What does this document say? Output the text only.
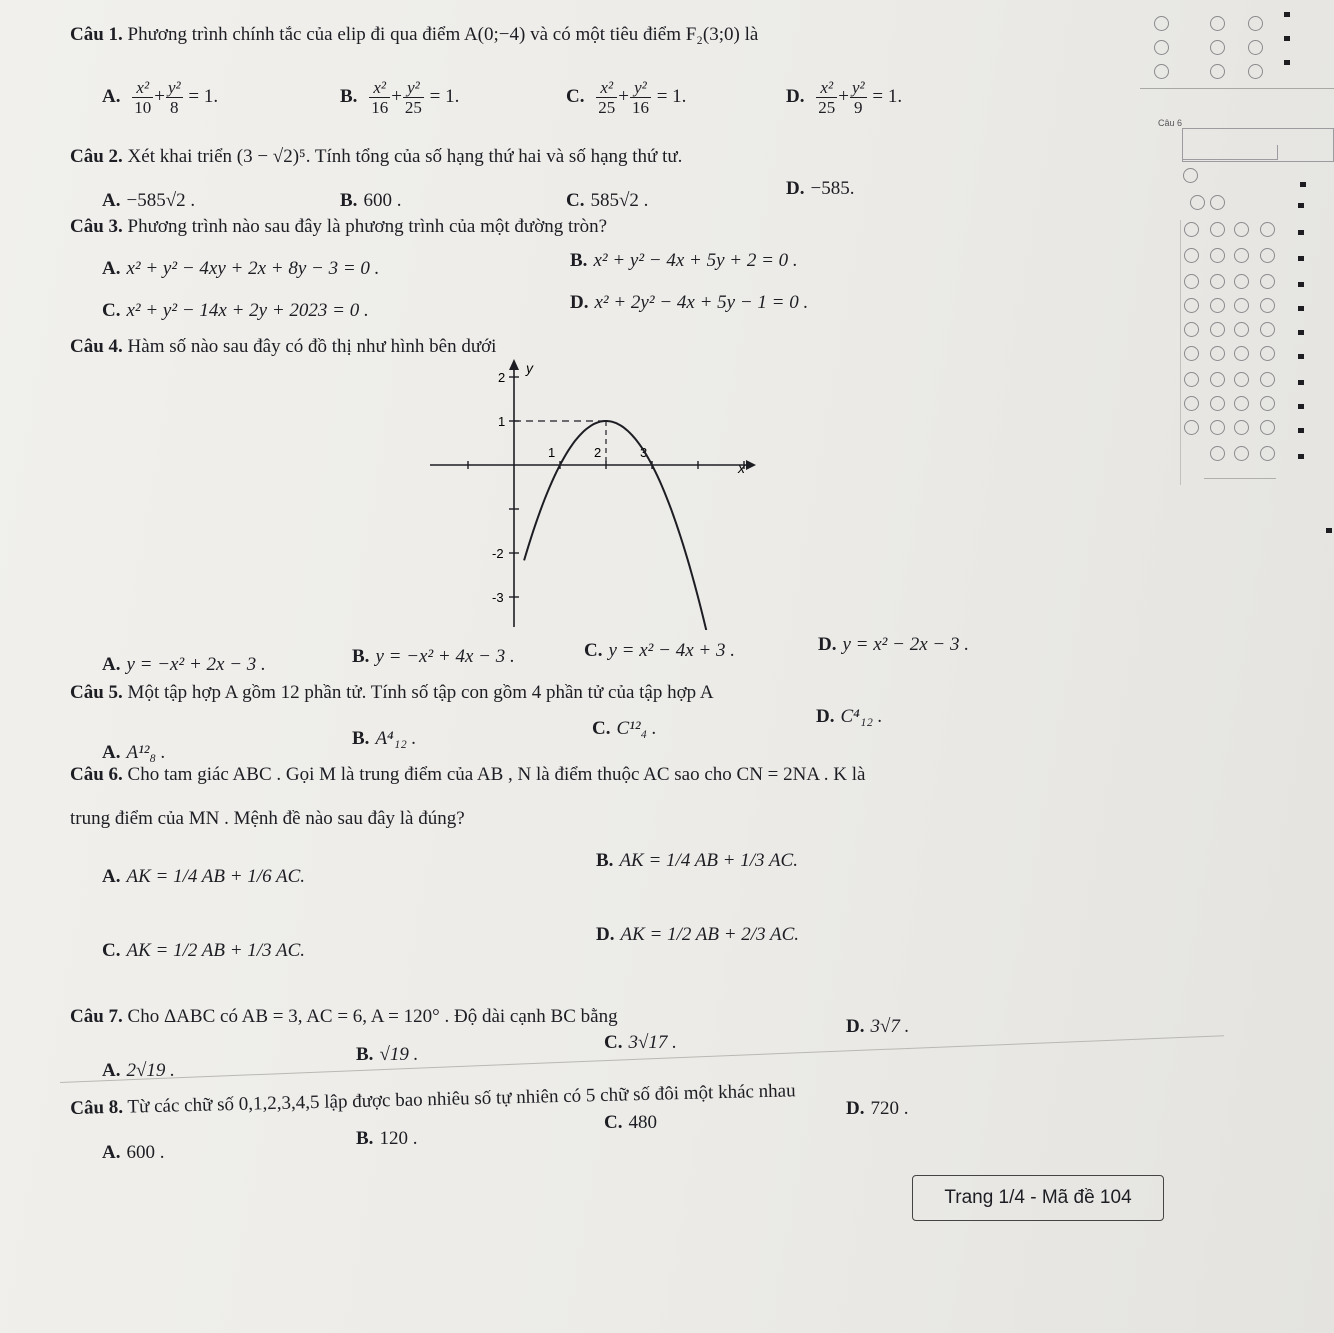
Câu 1. Phương trình chính tắc của elip đi qua điểm A(0;−4) và có một tiêu điểm F₂(3;0) là
A. $\frac{\text{x²}}{10} + \frac{\text{y²}}{8} = 1$.	B. $\frac{\text{x²}}{16} + \frac{\text{y²}}{25} = 1$.	C. $\frac{\text{x²}}{25} + \frac{\text{y²}}{16} = 1$.	D. $\frac{\text{x²}}{25} + \frac{\text{y²}}{9} = 1$.
Câu 2. Xét khai triển (3 − √2)⁵. Tính tổng của số hạng thứ hai và số hạng thứ tư.
A. −585√2 .	B. 600 .	C. 585√2 .
D. −585.
Câu 3. Phương trình nào sau đây là phương trình của một đường tròn?
A. x² + y² − 4xy + 2x + 8y − 3 = 0 .	B. x² + y² − 4x + 5y + 2 = 0 .
C. x² + y² − 14x + 2y + 2023 = 0 .	D. x² + 2y² − 4x + 5y − 1 = 0 .
Câu 4. Hàm số nào sau đây có đồ thị như hình bên dưới
y
x
1	2	3
2
1
-2
-3
A. y = −x² + 2x − 3 .	B. y = −x² + 4x − 3 .	C. y = x² − 4x + 3 .	D. y = x² − 2x − 3 .
Câu 5. Một tập hợp A gồm 12 phần tử. Tính số tập con gồm 4 phần tử của tập hợp A
A. A¹²₈ .
B. A⁴₁₂ .	C. C¹²₄ .
D. C⁴₁₂ .
Câu 6. Cho tam giác ABC . Gọi M là trung điểm của AB , N là điểm thuộc AC sao cho CN = 2NA . K là
trung điểm của MN . Mệnh đề nào sau đây là đúng?
A. AK = 1/4 AB + 1/6 AC.
B. AK = 1/4 AB + 1/3 AC.
C. AK = 1/2 AB + 1/3 AC.
D. AK = 1/2 AB + 2/3 AC.
Câu 7. Cho ΔABC có AB = 3, AC = 6, A = 120° . Độ dài cạnh BC bằng
A. 2√19 .
B. √19 .
C. 3√17 .
D. 3√7 .
Câu 8. Từ các chữ số 0,1,2,3,4,5 lập được bao nhiêu số tự nhiên có 5 chữ số đôi một khác nhau
A. 600 .
B. 120 .
C. 480
D. 720 .
Trang 1/4 - Mã đề 104
Câu 6
